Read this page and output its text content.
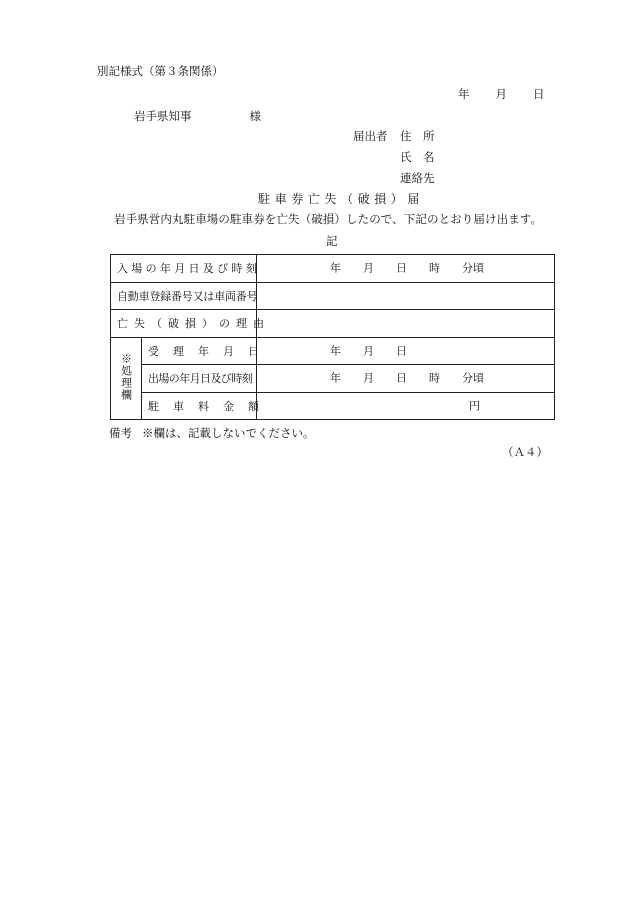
別記様式（第３条関係）
年 月 日
岩手県知事	様
届出者 住　所
氏　名
連絡先
駐車券亡失（破損）届
岩手県営内丸駐車場の駐車券を亡失（破損）したので、下記のとおり届け出ます。
記
入場の年月日及び時刻		年　　月　　日　　時　　分頃

自動車登録番号又は車両番号		
亡失（破損）の理由		
※処理欄	受理年月日	年　　月　　日

	出場の年月日及び時刻	年　　月　　日　　時　　分頃

	駐車料金額	円
備考 ※欄は、記載しないでください。
（Ａ４）
